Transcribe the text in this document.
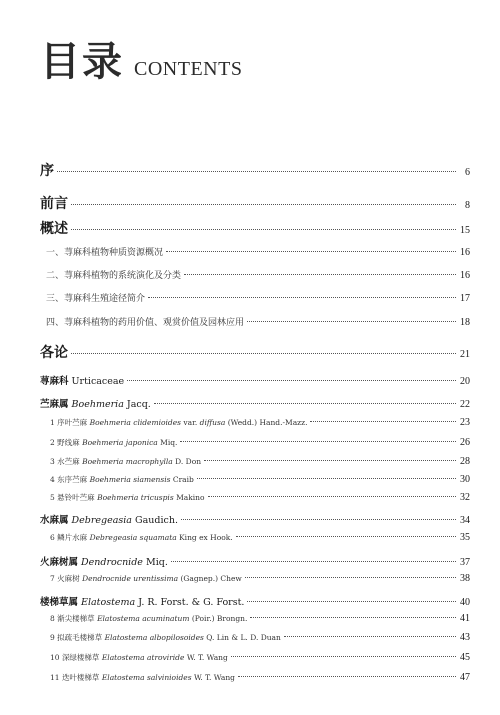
目录 CONTENTS
序	6
前言	8
概述	15
一、荨麻科植物种质资源概况	16
二、荨麻科植物的系统演化及分类	16
三、荨麻科生殖途径简介	17
四、荨麻科植物的药用价值、观赏价值及园林应用	18
各论	21
荨麻科 Urticaceae	20
苎麻属 Boehmeria Jacq.	22
1 序叶苎麻 Boehmeria clidemioides var. diffusa (Wedd.) Hand.-Mazz.	23
2 野线麻 Boehmeria japonica Miq.	26
3 水苎麻 Boehmeria macrophylla D. Don	28
4 东序苎麻 Boehmeria siamensis Craib	30
5 悬铃叶苎麻 Boehmeria tricuspis Makino	32
水麻属 Debregeasia Gaudich.	34
6 鳞片水麻 Debregeasia squamata King ex Hook.	35
火麻树属 Dendrocnide Miq.	37
7 火麻树 Dendrocnide urentissima (Gagnep.) Chew	38
楼梯草属 Elatostema J. R. Forst. & G. Forst.	40
8 渐尖楼梯草 Elatostema acuminatum (Poir.) Brongn.	41
9 拟疏毛楼梯草 Elatostema albopilosoides Q. Lin & L. D. Duan	43
10 深绿楼梯草 Elatostema atroviride W. T. Wang	45
11 迭叶楼梯草 Elatostema salvinioides W. T. Wang	47
